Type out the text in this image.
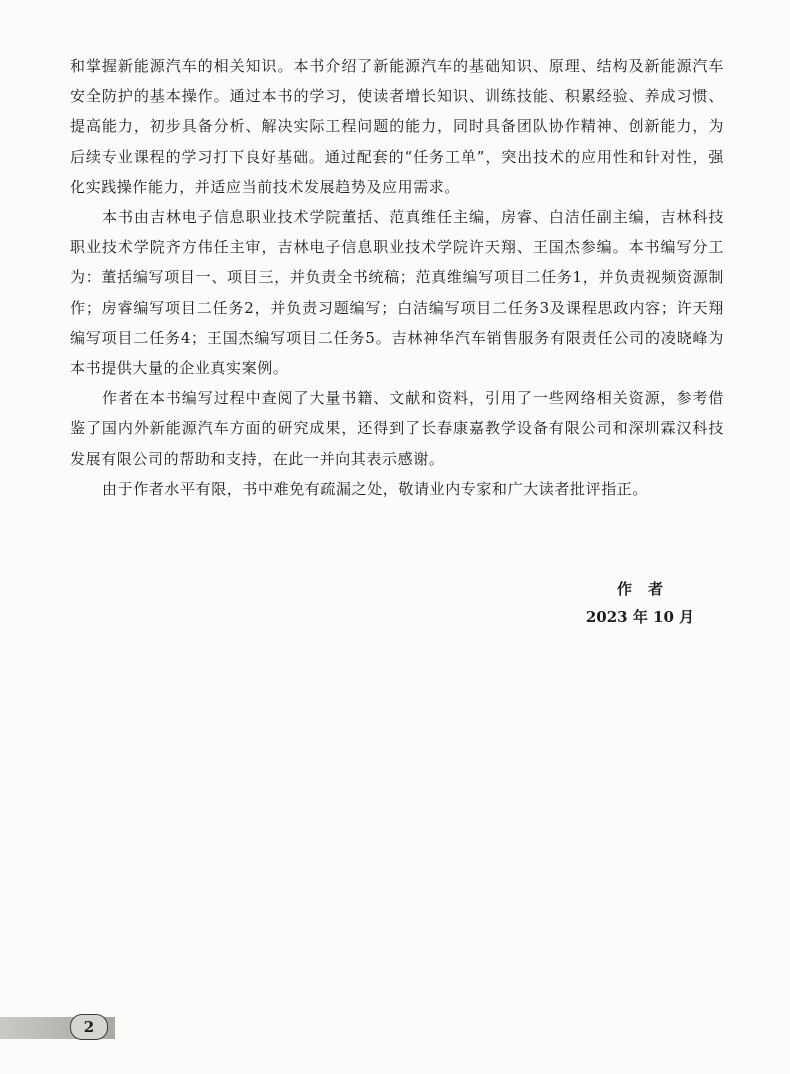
和掌握新能源汽车的相关知识。本书介绍了新能源汽车的基础知识、原理、结构及新能源汽车安全防护的基本操作。通过本书的学习，使读者增长知识、训练技能、积累经验、养成习惯、提高能力，初步具备分析、解决实际工程问题的能力，同时具备团队协作精神、创新能力，为后续专业课程的学习打下良好基础。通过配套的“任务工单”，突出技术的应用性和针对性，强化实践操作能力，并适应当前技术发展趋势及应用需求。

本书由吉林电子信息职业技术学院董括、范真维任主编，房睿、白洁任副主编，吉林科技职业技术学院齐方伟任主审，吉林电子信息职业技术学院许天翔、王国杰参编。本书编写分工为：董括编写项目一、项目三，并负责全书统稿；范真维编写项目二任务1，并负责视频资源制作；房睿编写项目二任务2，并负责习题编写；白洁编写项目二任务3及课程思政内容；许天翔编写项目二任务4；王国杰编写项目二任务5。吉林神华汽车销售服务有限责任公司的凌晓峰为本书提供大量的企业真实案例。

作者在本书编写过程中查阅了大量书籍、文献和资料，引用了一些网络相关资源，参考借鉴了国内外新能源汽车方面的研究成果，还得到了长春康嘉教学设备有限公司和深圳霖汉科技发展有限公司的帮助和支持，在此一并向其表示感谢。

由于作者水平有限，书中难免有疏漏之处，敬请业内专家和广大读者批评指正。

作者
2023 年 10 月
2
